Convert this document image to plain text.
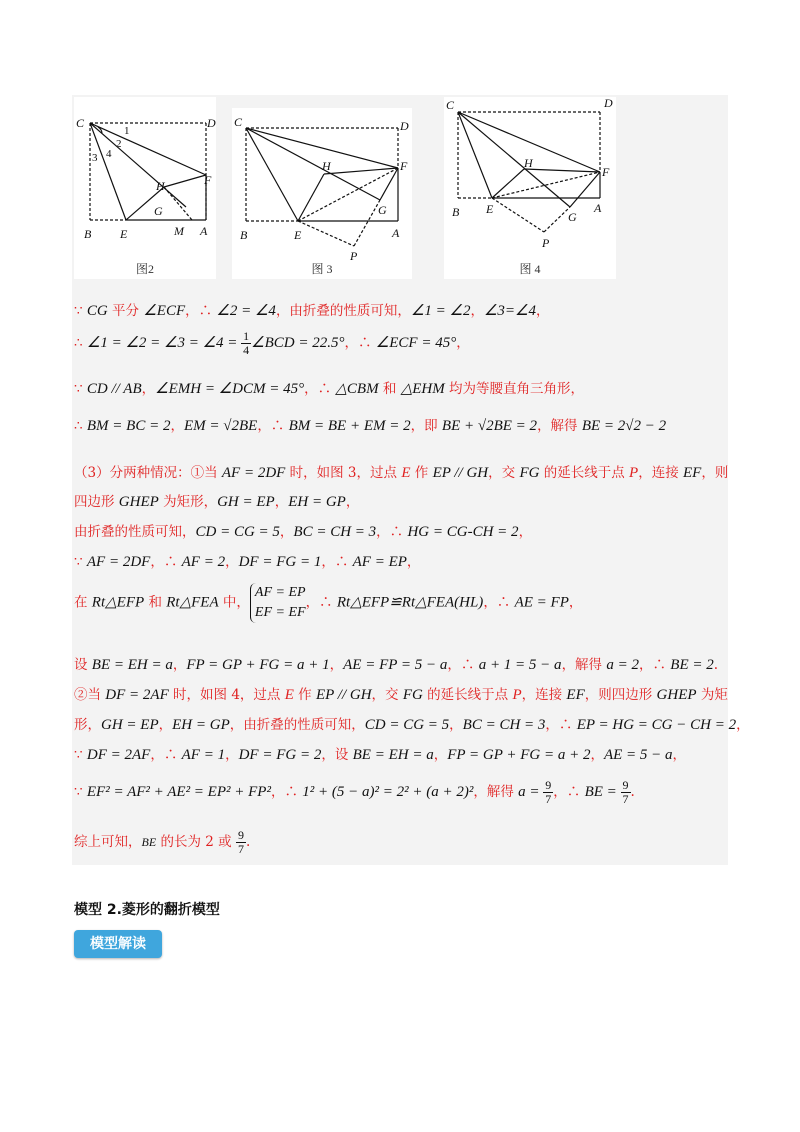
C	D
B E	M A
F
H
G
1
2
3 4
图2
C	D
B	E	A
F
H
G
P
图 3
C	D
B E	A
F
H
G
P
图 4
∵ CG 平分 ∠ECF，∴ ∠2 = ∠4，由折叠的性质可知，∠1 = ∠2，∠3=∠4，
∴ ∠1 = ∠2 = ∠3 = ∠4 = $\frac{1}{4}$ ∠BCD = 22.5°，∴ ∠ECF = 45°，
∵ CD // AB，∠EMH = ∠DCM = 45°，∴ △CBM 和 △EHM 均为等腰直角三角形，
∴ BM = BC = 2，EM = √2BE，∴ BM = BE + EM = 2，即 BE + √2BE = 2，解得 BE = 2√2 − 2
（3）分两种情况：①当 AF = 2DF 时，如图 3，过点 E 作 EP // GH，交 FG 的延长线于点 P，连接 EF，则
四边形 GHEP 为矩形，GH = EP，EH = GP，
由折叠的性质可知，CD = CG = 5，BC = CH = 3，∴ HG = CG-CH = 2，
∵ AF = 2DF，∴ AF = 2，DF = FG = 1，∴ AF = EP，
在 Rt△EFP 和 Rt△FEA 中，
AF = EP
EF = EF
，∴ Rt△EFP≌Rt△FEA(HL)，∴ AE = FP，
设 BE = EH = a，FP = GP + FG = a + 1，AE = FP = 5 − a，∴ a + 1 = 5 − a，解得 a = 2，∴ BE = 2.
②当 DF = 2AF 时，如图 4，过点 E 作 EP // GH，交 FG 的延长线于点 P，连接 EF，则四边形 GHEP 为矩
形，GH = EP，EH = GP，由折叠的性质可知，CD = CG = 5，BC = CH = 3，∴ EP = HG = CG − CH = 2，
∵ DF = 2AF，∴ AF = 1，DF = FG = 2，设 BE = EH = a，FP = GP + FG = a + 2，AE = 5 − a，
∵ EF² = AF² + AE² = EP² + FP²，∴ 1² + (5 − a)² = 2² + (a + 2)²，解得 $a = \frac{9}{7}$ ，∴ BE = $\frac{9}{7}$ .
综上可知，BE 的长为 2 或 $\frac{9}{7}$ .
模型 2.菱形的翻折模型
模型解读
